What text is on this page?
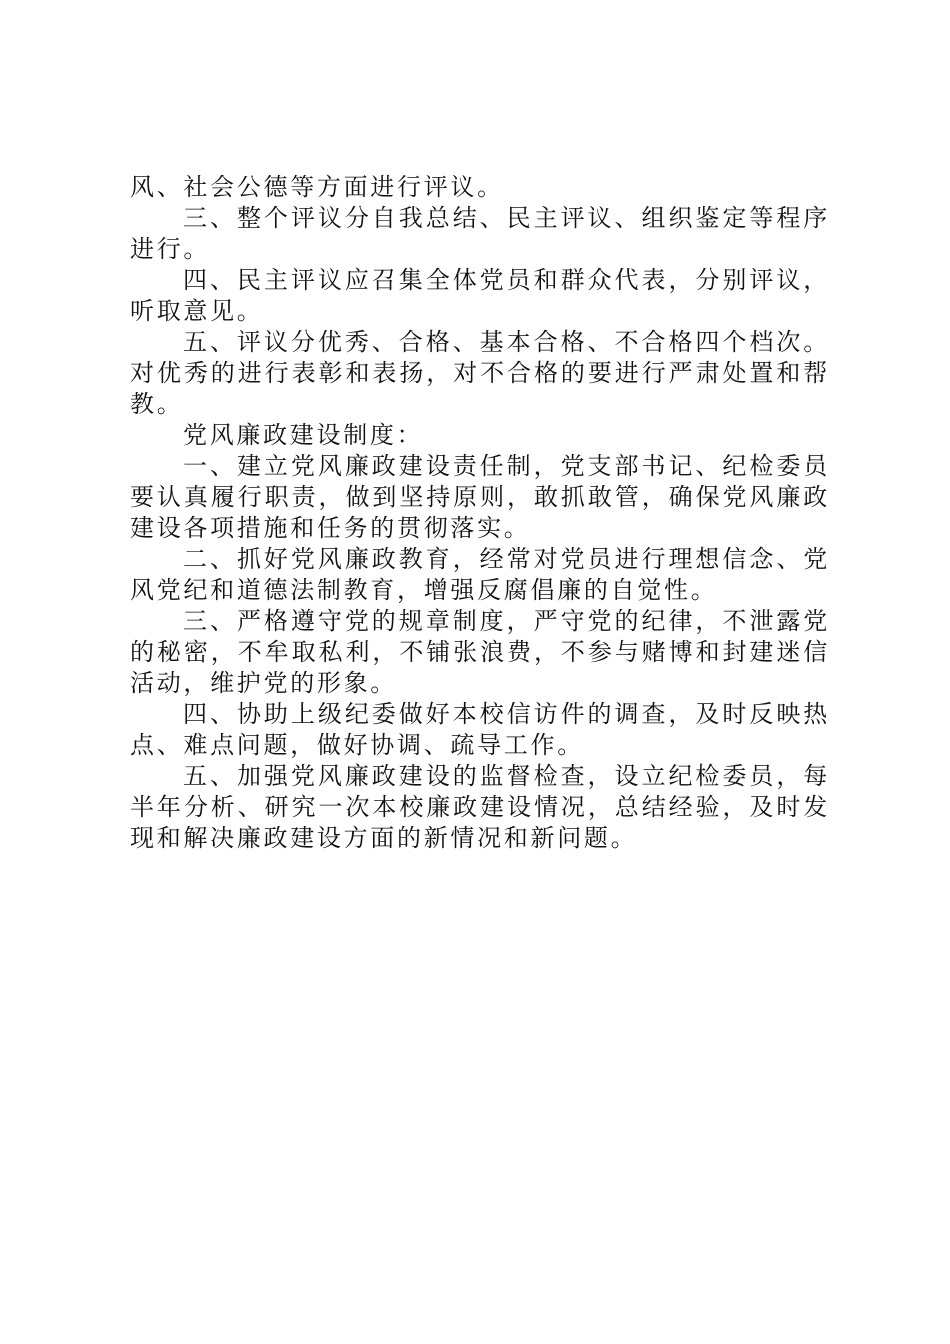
风、社会公德等方面进行评议。

三、整个评议分自我总结、民主评议、组织鉴定等程序进行。

四、民主评议应召集全体党员和群众代表，分别评议，听取意见。

五、评议分优秀、合格、基本合格、不合格四个档次。对优秀的进行表彰和表扬，对不合格的要进行严肃处置和帮教。

党风廉政建设制度：

一、建立党风廉政建设责任制，党支部书记、纪检委员要认真履行职责，做到坚持原则，敢抓敢管，确保党风廉政建设各项措施和任务的贯彻落实。

二、抓好党风廉政教育，经常对党员进行理想信念、党风党纪和道德法制教育，增强反腐倡廉的自觉性。

三、严格遵守党的规章制度，严守党的纪律，不泄露党的秘密，不牟取私利，不铺张浪费，不参与赌博和封建迷信活动，维护党的形象。

四、协助上级纪委做好本校信访件的调查，及时反映热点、难点问题，做好协调、疏导工作。

五、加强党风廉政建设的监督检查，设立纪检委员，每半年分析、研究一次本校廉政建设情况，总结经验，及时发现和解决廉政建设方面的新情况和新问题。
